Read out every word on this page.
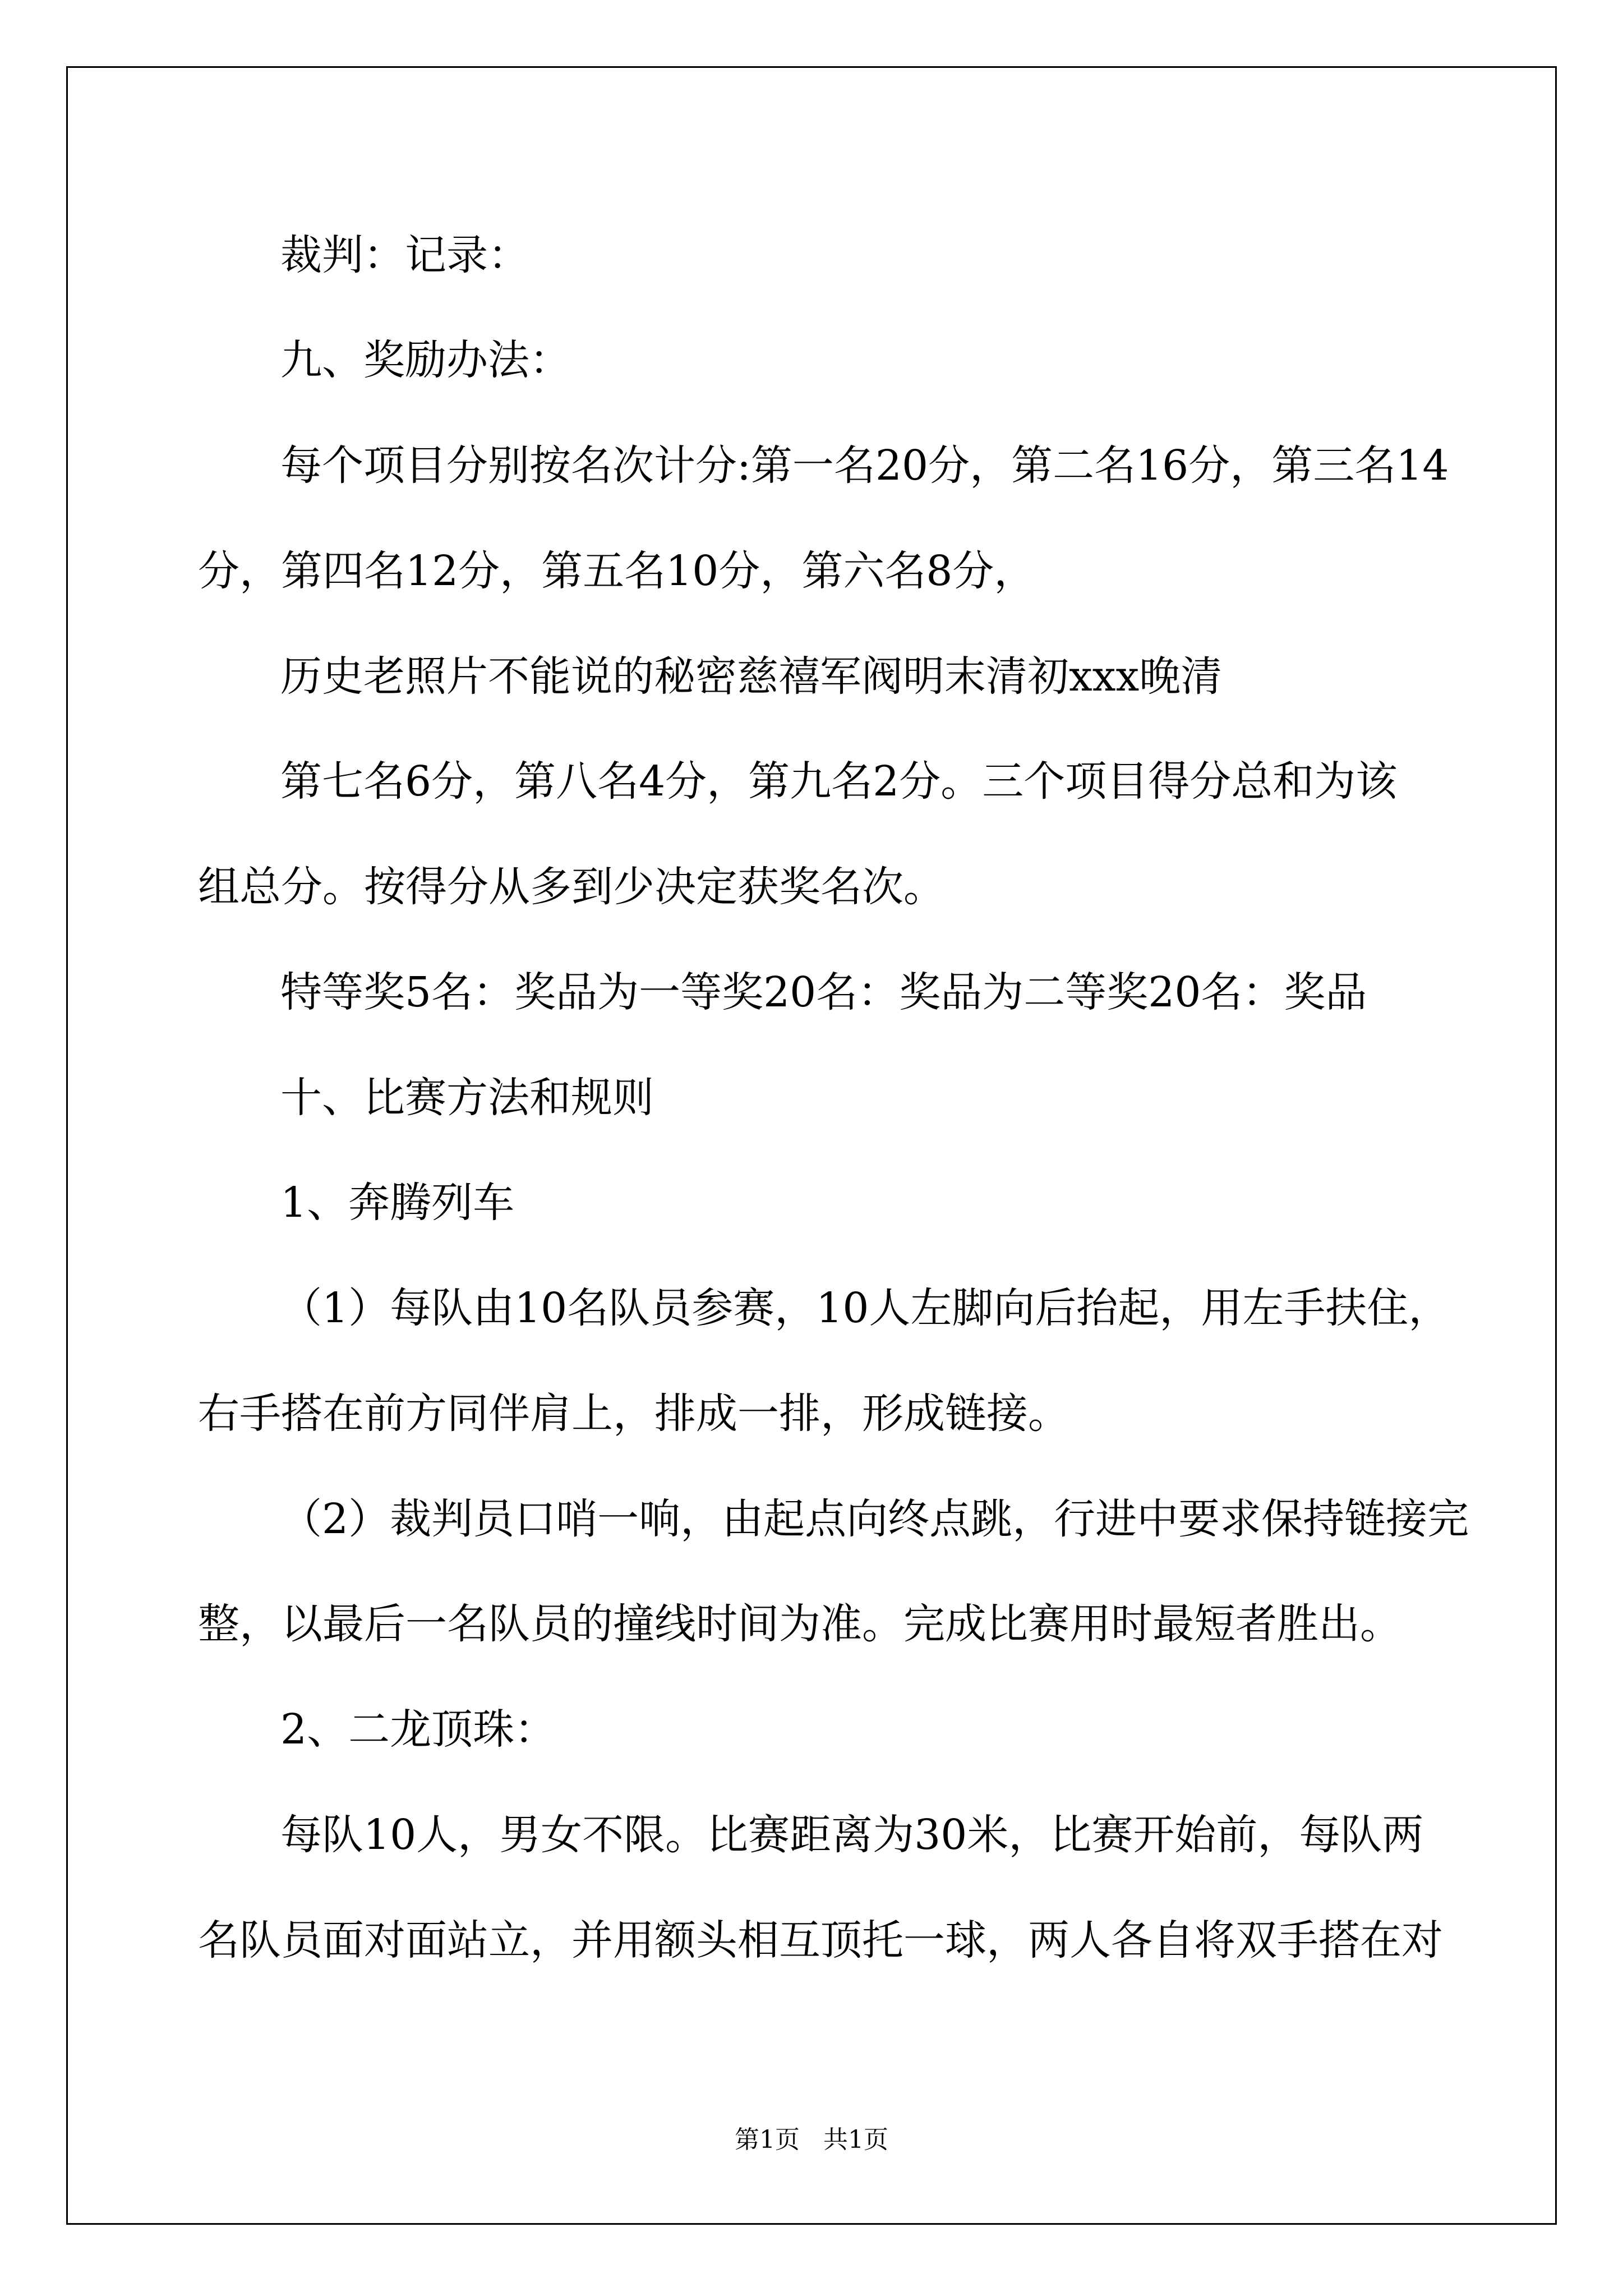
裁判：记录：

九、奖励办法：

每个项目分别按名次计分:第一名20分，第二名16分，第三名14

分，第四名12分，第五名10分，第六名8分，

历史老照片不能说的秘密慈禧军阀明末清初xxx晚清

第七名6分，第八名4分，第九名2分。三个项目得分总和为该

组总分。按得分从多到少决定获奖名次。

特等奖5名：奖品为一等奖20名：奖品为二等奖20名：奖品

十、比赛方法和规则

1、奔腾列车

（1）每队由10名队员参赛，10人左脚向后抬起，用左手扶住，

右手搭在前方同伴肩上，排成一排，形成链接。

（2）裁判员口哨一响，由起点向终点跳，行进中要求保持链接完

整，以最后一名队员的撞线时间为准。完成比赛用时最短者胜出。

2、二龙顶珠：

每队10人，男女不限。比赛距离为30米，比赛开始前，每队两

名队员面对面站立，并用额头相互顶托一球，两人各自将双手搭在对

第1页   共1页
